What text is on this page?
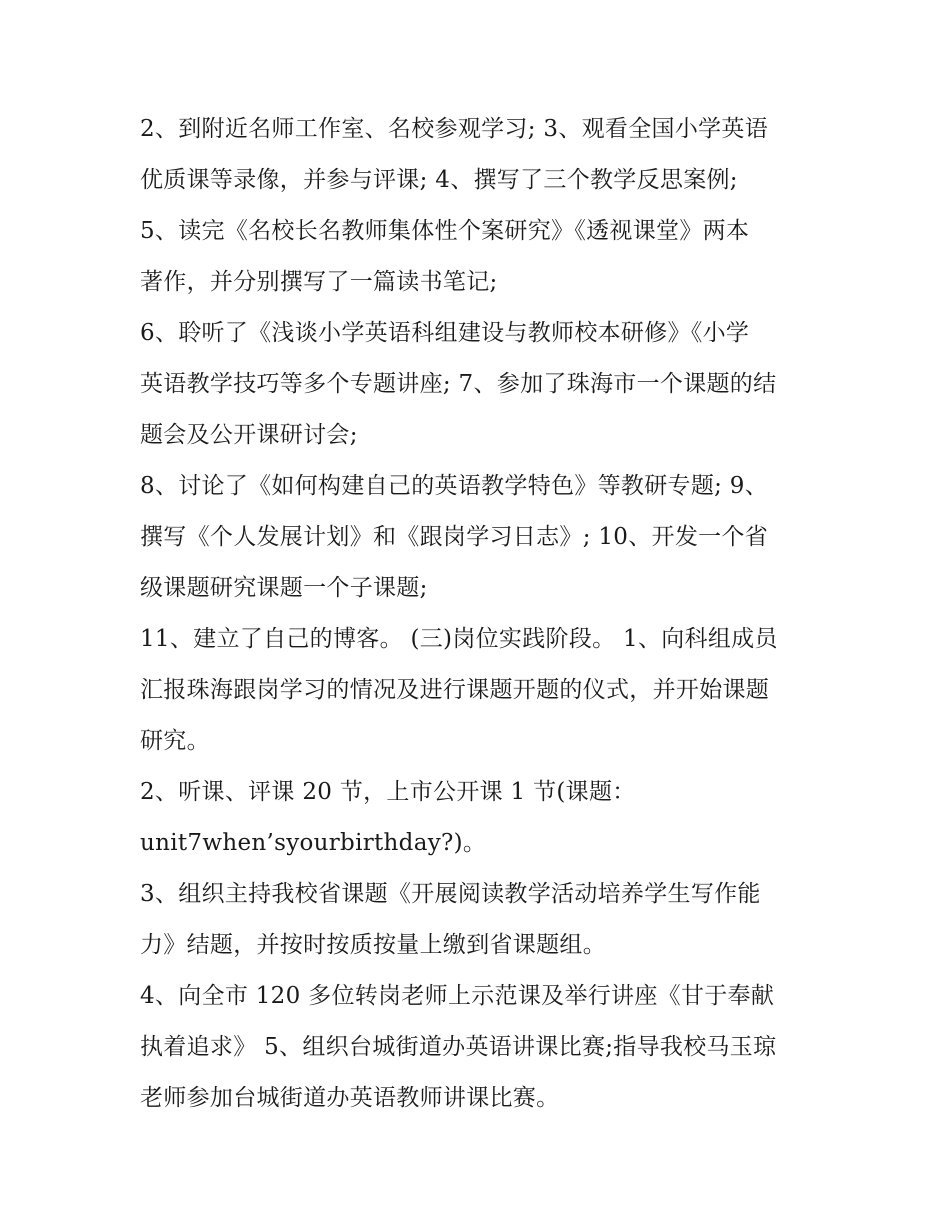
2、到附近名师工作室、名校参观学习; 3、观看全国小学英语
优质课等录像，并参与评课; 4、撰写了三个教学反思案例;
5、读完《名校长名教师集体性个案研究》《透视课堂》两本
著作，并分别撰写了一篇读书笔记;
6、聆听了《浅谈小学英语科组建设与教师校本研修》《小学
英语教学技巧等多个专题讲座; 7、参加了珠海市一个课题的结
题会及公开课研讨会;
8、讨论了《如何构建自己的英语教学特色》等教研专题; 9、
撰写《个人发展计划》和《跟岗学习日志》; 10、开发一个省
级课题研究课题一个子课题;
11、建立了自己的博客。 (三)岗位实践阶段。 1、向科组成员
汇报珠海跟岗学习的情况及进行课题开题的仪式，并开始课题
研究。
2、听课、评课 20 节，上市公开课 1 节(课题：
unit7when’syourbirthday?)。
3、组织主持我校省课题《开展阅读教学活动培养学生写作能
力》结题，并按时按质按量上缴到省课题组。
4、向全市 120 多位转岗老师上示范课及举行讲座《甘于奉献
执着追求》 5、组织台城街道办英语讲课比赛;指导我校马玉琼
老师参加台城街道办英语教师讲课比赛。
